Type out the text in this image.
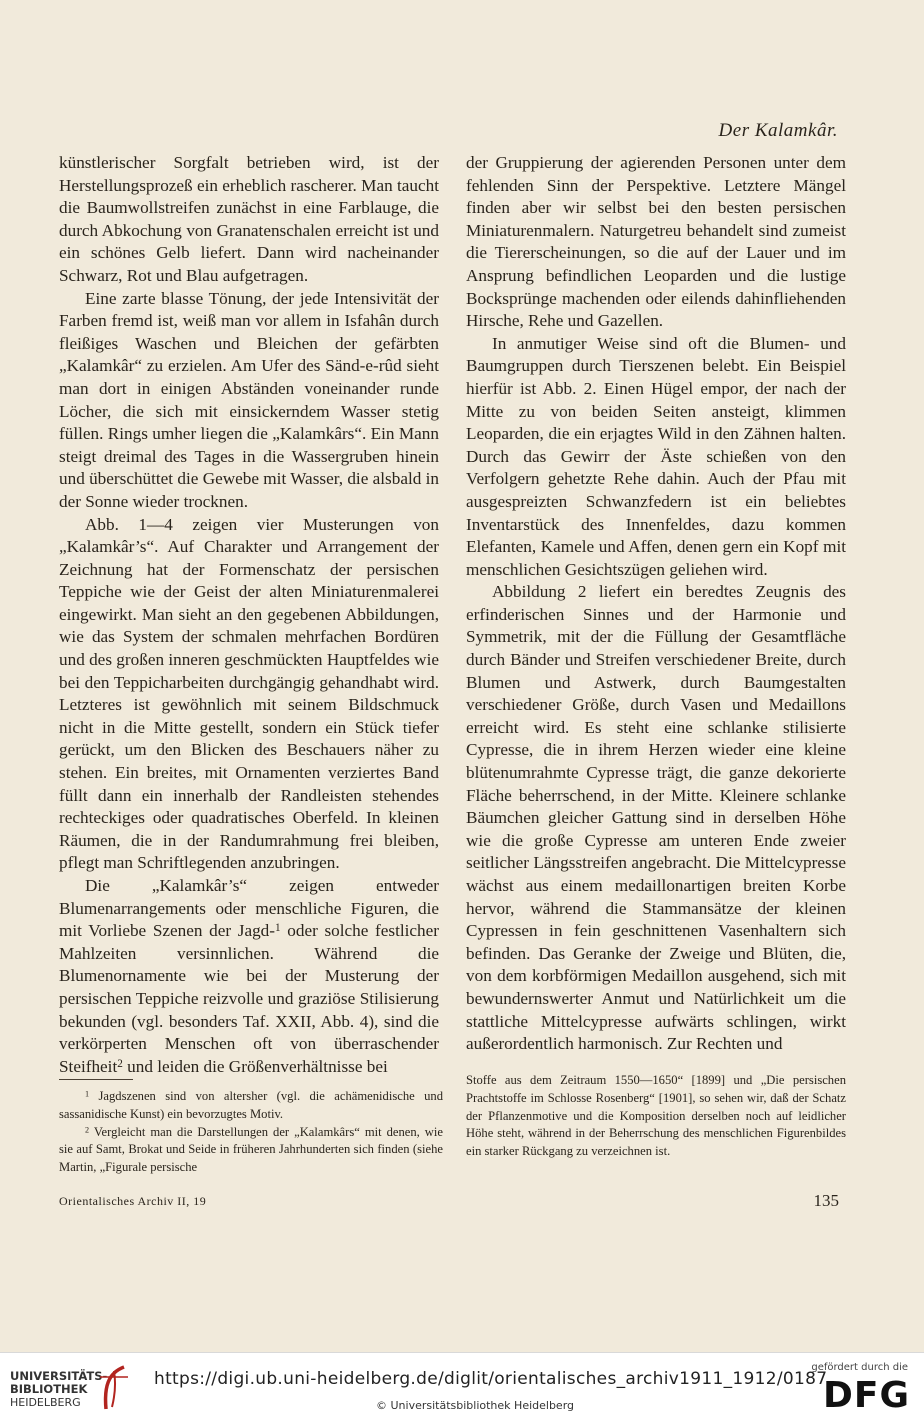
Der Kalamkâr.

künstlerischer Sorgfalt betrieben wird, ist der Herstellungsprozeß ein erheblich rascherer. Man taucht die Baumwollstreifen zunächst in eine Farblauge, die durch Abkochung von Granatenschalen erreicht ist und ein schönes Gelb liefert. Dann wird nacheinander Schwarz, Rot und Blau aufgetragen.

Eine zarte blasse Tönung, der jede Intensivität der Farben fremd ist, weiß man vor allem in Isfahân durch fleißiges Waschen und Bleichen der gefärbten „Kalamkâr“ zu erzielen. Am Ufer des Sänd-e-rûd sieht man dort in einigen Abständen voneinander runde Löcher, die sich mit einsickerndem Wasser stetig füllen. Rings umher liegen die „Kalamkârs“. Ein Mann steigt dreimal des Tages in die Wassergruben hinein und überschüttet die Gewebe mit Wasser, die alsbald in der Sonne wieder trocknen.

Abb. 1—4 zeigen vier Musterungen von „Kalamkâr’s“. Auf Charakter und Arrangement der Zeichnung hat der Formenschatz der persischen Teppiche wie der Geist der alten Miniaturenmalerei eingewirkt. Man sieht an den gegebenen Abbildungen, wie das System der schmalen mehrfachen Bordüren und des großen inneren geschmückten Hauptfeldes wie bei den Teppicharbeiten durchgängig gehandhabt wird. Letzteres ist gewöhnlich mit seinem Bildschmuck nicht in die Mitte gestellt, sondern ein Stück tiefer gerückt, um den Blicken des Beschauers näher zu stehen. Ein breites, mit Ornamenten verziertes Band füllt dann ein innerhalb der Randleisten stehendes rechteckiges oder quadratisches Oberfeld. In kleinen Räumen, die in der Randumrahmung frei bleiben, pflegt man Schriftlegenden anzubringen.

Die „Kalamkâr’s“ zeigen entweder Blumenarrangements oder menschliche Figuren, die mit Vorliebe Szenen der Jagd-$^1$ oder solche festlicher Mahlzeiten versinnlichen. Während die Blumenornamente wie bei der Musterung der persischen Teppiche reizvolle und graziöse Stilisierung bekunden (vgl. besonders Taf. XXII, Abb. 4), sind die verkörperten Menschen oft von überraschender Steifheit$^2$ und leiden die Größenverhältnisse bei

der Gruppierung der agierenden Personen unter dem fehlenden Sinn der Perspektive. Letztere Mängel finden aber wir selbst bei den besten persischen Miniaturenmalern. Naturgetreu behandelt sind zumeist die Tiererscheinungen, so die auf der Lauer und im Ansprung befindlichen Leoparden und die lustige Bocksprünge machenden oder eilends dahinfliehenden Hirsche, Rehe und Gazellen.

In anmutiger Weise sind oft die Blumen- und Baumgruppen durch Tierszenen belebt. Ein Beispiel hierfür ist Abb. 2. Einen Hügel empor, der nach der Mitte zu von beiden Seiten ansteigt, klimmen Leoparden, die ein erjagtes Wild in den Zähnen halten. Durch das Gewirr der Äste schießen von den Verfolgern gehetzte Rehe dahin. Auch der Pfau mit ausgespreizten Schwanzfedern ist ein beliebtes Inventarstück des Innenfeldes, dazu kommen Elefanten, Kamele und Affen, denen gern ein Kopf mit menschlichen Gesichtszügen geliehen wird.

Abbildung 2 liefert ein beredtes Zeugnis des erfinderischen Sinnes und der Harmonie und Symmetrik, mit der die Füllung der Gesamtfläche durch Bänder und Streifen verschiedener Breite, durch Blumen und Astwerk, durch Baumgestalten verschiedener Größe, durch Vasen und Medaillons erreicht wird. Es steht eine schlanke stilisierte Cypresse, die in ihrem Herzen wieder eine kleine blütenumrahmte Cypresse trägt, die ganze dekorierte Fläche beherrschend, in der Mitte. Kleinere schlanke Bäumchen gleicher Gattung sind in derselben Höhe wie die große Cypresse am unteren Ende zweier seitlicher Längsstreifen angebracht. Die Mittelcypresse wächst aus einem medaillonartigen breiten Korbe hervor, während die Stammansätze der kleinen Cypressen in fein geschnittenen Vasenhaltern sich befinden. Das Geranke der Zweige und Blüten, die, von dem korbförmigen Medaillon ausgehend, sich mit bewundernswerter Anmut und Natürlichkeit um die stattliche Mittelcypresse aufwärts schlingen, wirkt außerordentlich harmonisch. Zur Rechten und

$^1$ Jagdszenen sind von altersher (vgl. die achämenidische und sassanidische Kunst) ein bevorzugtes Motiv.

$^2$ Vergleicht man die Darstellungen der „Kalamkârs“ mit denen, wie sie auf Samt, Brokat und Seide in früheren Jahrhunderten sich finden (siehe Martin, „Figurale persische

Stoffe aus dem Zeitraum 1550—1650“ [1899] und „Die persischen Prachtstoffe im Schlosse Rosenberg“ [1901], so sehen wir, daß der Schatz der Pflanzenmotive und die Komposition derselben noch auf leidlicher Höhe steht, während in der Beherrschung des menschlichen Figurenbildes ein starker Rückgang zu verzeichnen ist.

Orientalisches Archiv II, 19	135
UNIVERSITÄTS-
BIBLIOTHEK
HEIDELBERG
https://digi.ub.uni-heidelberg.de/diglit/orientalisches_archiv1911_1912/0187
© Universitätsbibliothek Heidelberg
gefördert durch die
DFG
